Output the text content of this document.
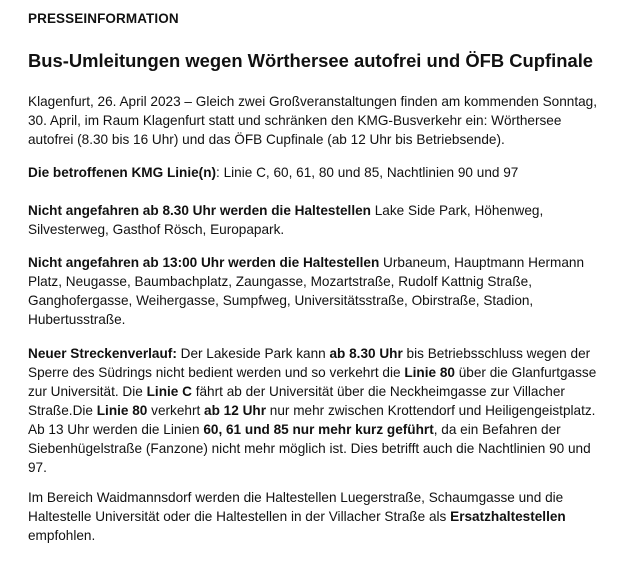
PRESSEINFORMATION
Bus-Umleitungen wegen Wörthersee autofrei und ÖFB Cupfinale
Klagenfurt, 26. April 2023 – Gleich zwei Großveranstaltungen finden am kommenden Sonntag,
30. April, im Raum Klagenfurt statt und schränken den KMG-Busverkehr ein: Wörthersee
autofrei (8.30 bis 16 Uhr) und das ÖFB Cupfinale (ab 12 Uhr bis Betriebsende).
Die betroffenen KMG Linie(n): Linie C, 60, 61, 80 und 85, Nachtlinien 90 und 97
Nicht angefahren ab 8.30 Uhr werden die Haltestellen Lake Side Park, Höhenweg,
Silvesterweg, Gasthof Rösch, Europapark.
Nicht angefahren ab 13:00 Uhr werden die Haltestellen Urbaneum, Hauptmann Hermann
Platz, Neugasse, Baumbachplatz, Zaungasse, Mozartstraße, Rudolf Kattnig Straße,
Ganghofergasse, Weihergasse, Sumpfweg, Universitätsstraße, Obirstraße, Stadion,
Hubertusstraße.
Neuer Streckenverlauf: Der Lakeside Park kann ab 8.30 Uhr bis Betriebsschluss wegen der
Sperre des Südrings nicht bedient werden und so verkehrt die Linie 80 über die Glanfurtgasse
zur Universität. Die Linie C fährt ab der Universität über die Neckheimgasse zur Villacher
Straße.Die Linie 80 verkehrt ab 12 Uhr nur mehr zwischen Krottendorf und Heiligengeistplatz.
Ab 13 Uhr werden die Linien 60, 61 und 85 nur mehr kurz geführt, da ein Befahren der
Siebenhügelstraße (Fanzone) nicht mehr möglich ist. Dies betrifft auch die Nachtlinien 90 und
97.
Im Bereich Waidmannsdorf werden die Haltestellen Luegerstraße, Schaumgasse und die
Haltestelle Universität oder die Haltestellen in der Villacher Straße als Ersatzhaltestellen
empfohlen.
